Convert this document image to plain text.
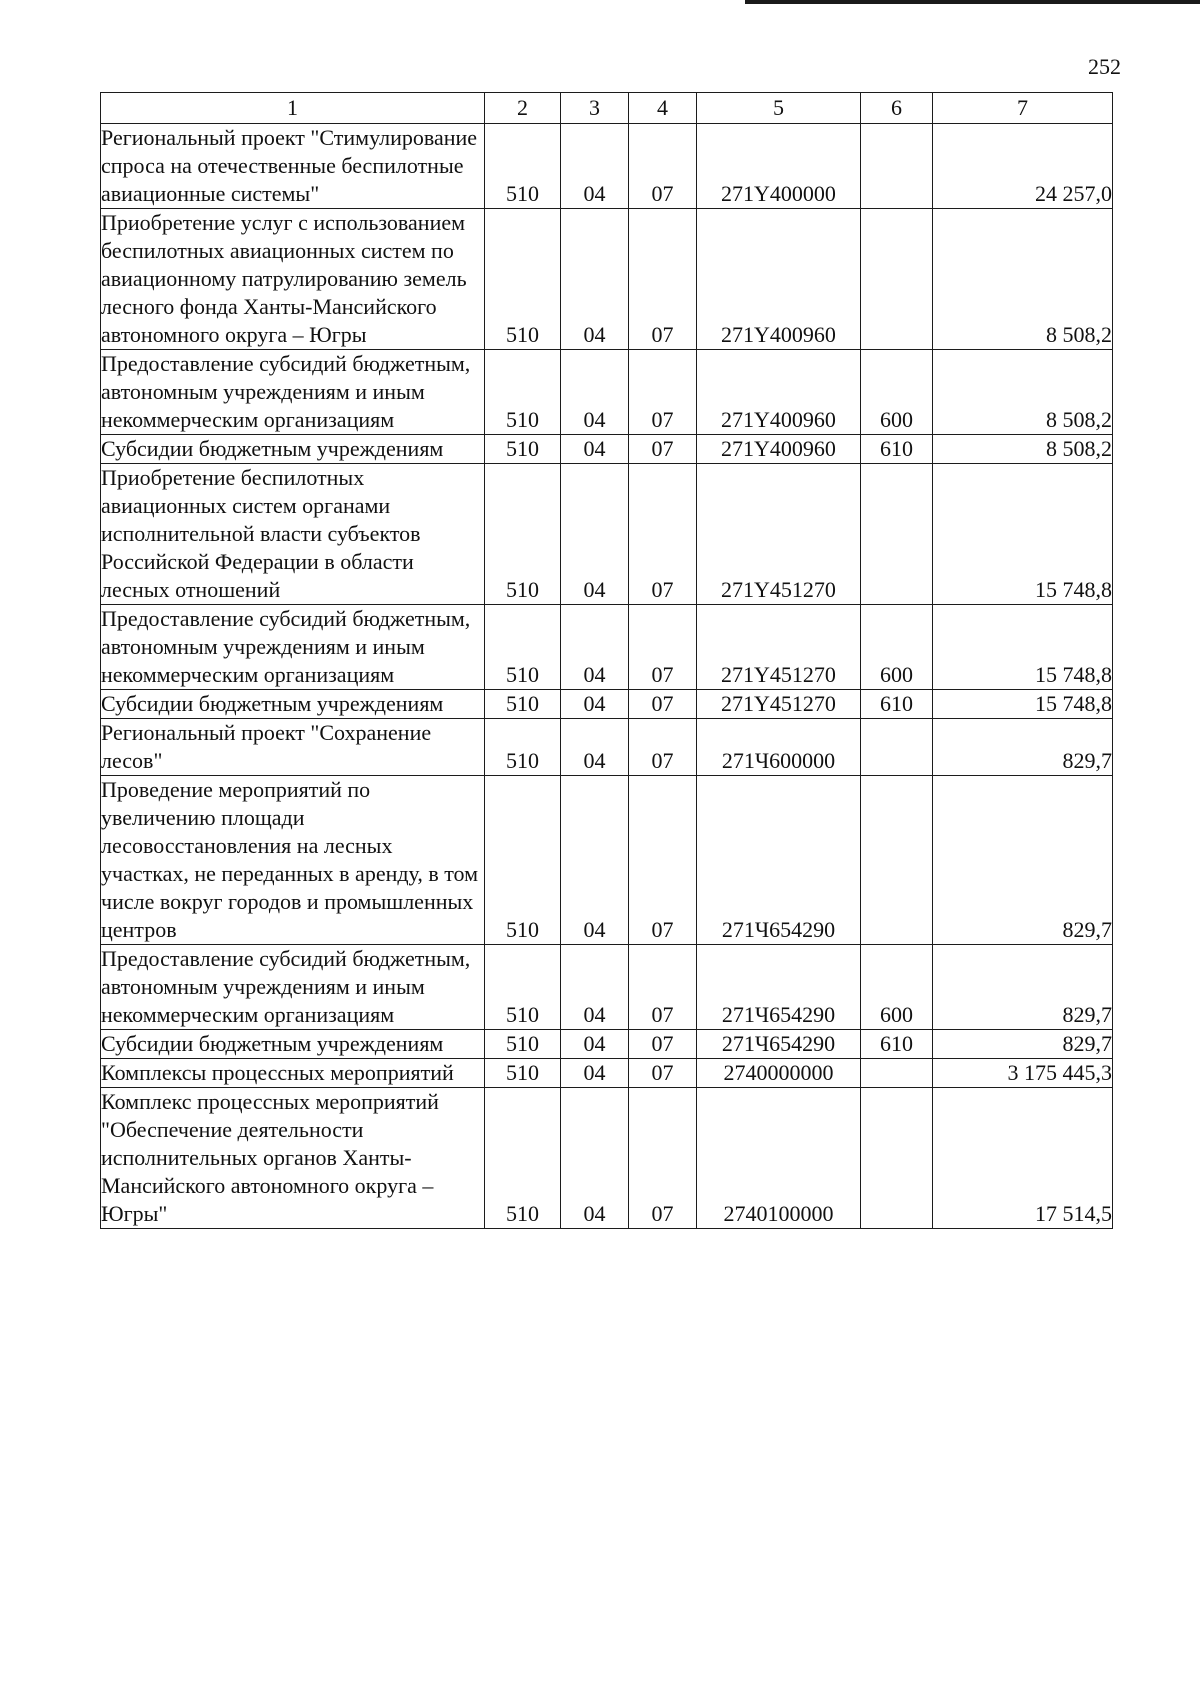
252
1	2	3	4	5	6	7
Региональный проект "Стимулирование спроса на отечественные беспилотные авиационные системы"	510	04	07	271Y400000		24 257,0
Приобретение услуг с использованием беспилотных авиационных систем по авиационному патрулированию земель лесного фонда Ханты-Мансийского автономного округа – Югры	510	04	07	271Y400960		8 508,2
Предоставление субсидий бюджетным, автономным учреждениям и иным некоммерческим организациям	510	04	07	271Y400960	600	8 508,2
Субсидии бюджетным учреждениям	510	04	07	271Y400960	610	8 508,2
Приобретение беспилотных авиационных систем органами исполнительной власти субъектов Российской Федерации в области лесных отношений	510	04	07	271Y451270		15 748,8
Предоставление субсидий бюджетным, автономным учреждениям и иным некоммерческим организациям	510	04	07	271Y451270	600	15 748,8
Субсидии бюджетным учреждениям	510	04	07	271Y451270	610	15 748,8
Региональный проект "Сохранение лесов"	510	04	07	271Ч600000		829,7
Проведение мероприятий по увеличению площади лесовосстановления на лесных участках, не переданных в аренду, в том числе вокруг городов и промышленных центров	510	04	07	271Ч654290		829,7
Предоставление субсидий бюджетным, автономным учреждениям и иным некоммерческим организациям	510	04	07	271Ч654290	600	829,7
Субсидии бюджетным учреждениям	510	04	07	271Ч654290	610	829,7
Комплексы процессных мероприятий	510	04	07	2740000000		3 175 445,3
Комплекс процессных мероприятий "Обеспечение деятельности исполнительных органов Ханты-Мансийского автономного округа – Югры"	510	04	07	2740100000		17 514,5
